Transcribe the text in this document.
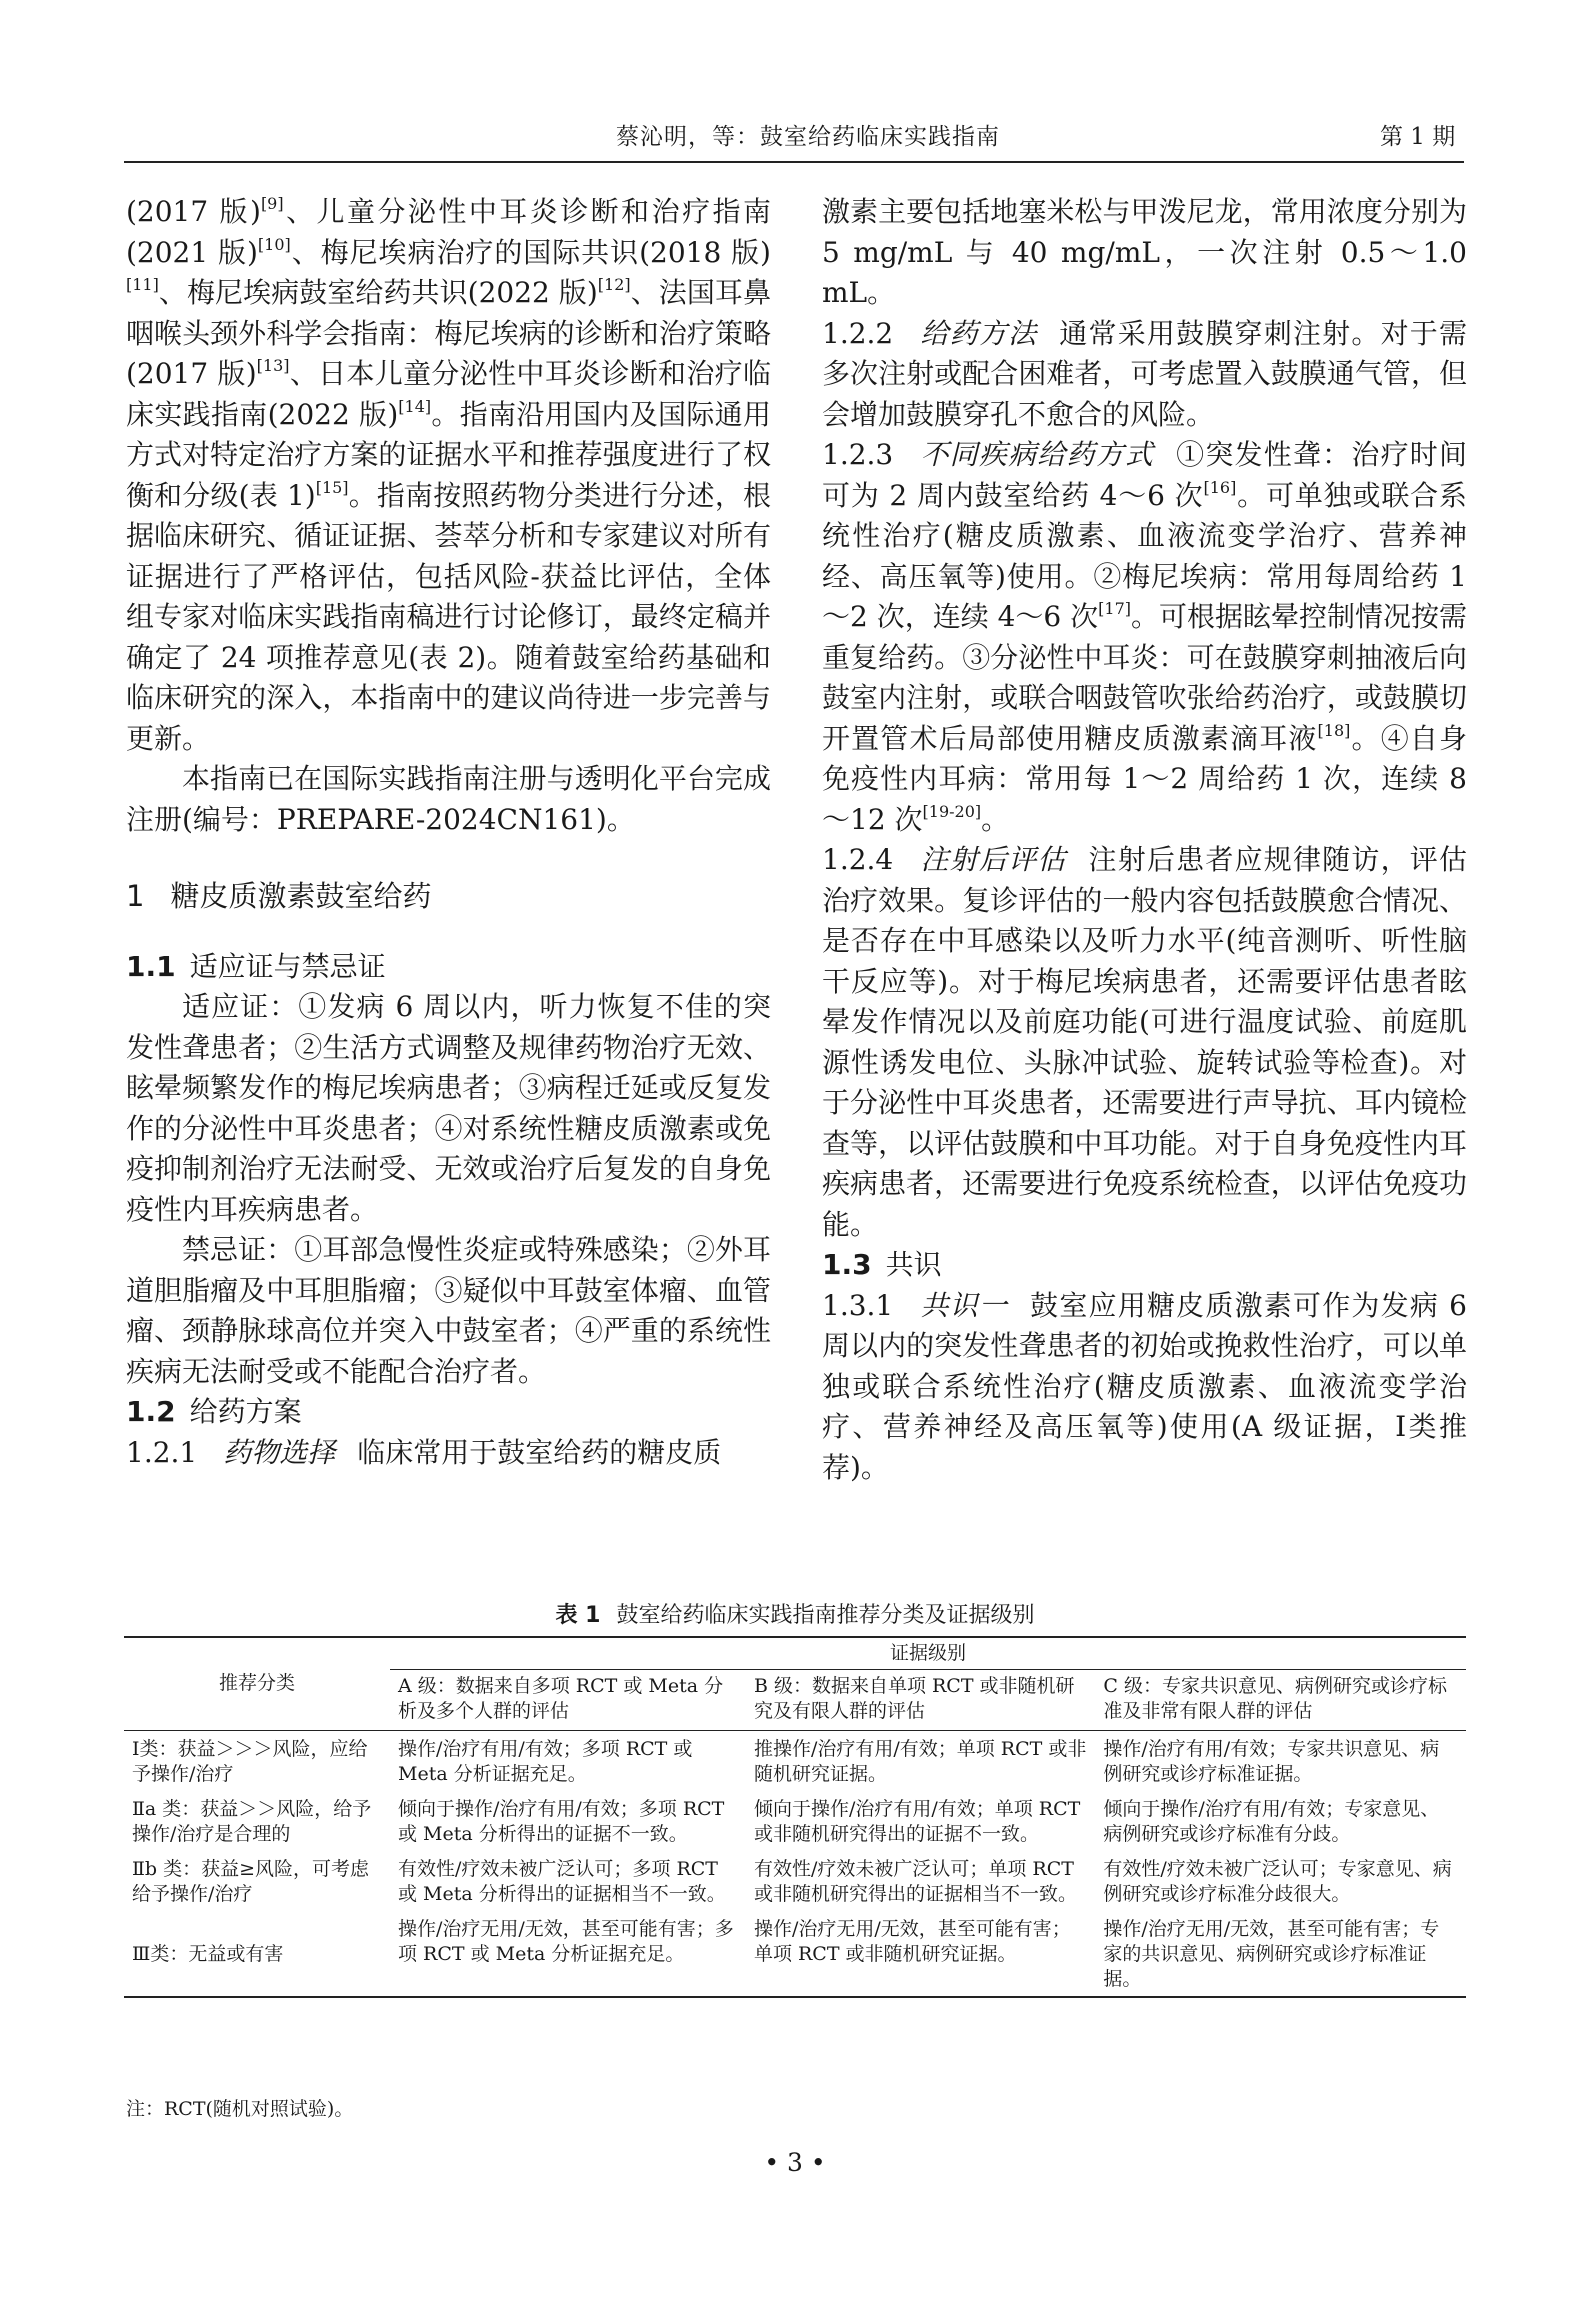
蔡沁明，等：鼓室给药临床实践指南	第 1 期

(2017 版)[9]、儿童分泌性中耳炎诊断和治疗指南(2021 版)[10]、梅尼埃病治疗的国际共识(2018 版)[11]、梅尼埃病鼓室给药共识(2022 版)[12]、法国耳鼻咽喉头颈外科学会指南：梅尼埃病的诊断和治疗策略(2017 版)[13]、日本儿童分泌性中耳炎诊断和治疗临床实践指南(2022 版)[14]。指南沿用国内及国际通用方式对特定治疗方案的证据水平和推荐强度进行了权衡和分级(表 1)[15]。指南按照药物分类进行分述，根据临床研究、循证证据、荟萃分析和专家建议对所有证据进行了严格评估，包括风险-获益比评估，全体组专家对临床实践指南稿进行讨论修订，最终定稿并确定了 24 项推荐意见(表 2)。随着鼓室给药基础和临床研究的深入，本指南中的建议尚待进一步完善与更新。

本指南已在国际实践指南注册与透明化平台完成注册(编号：PREPARE-2024CN161)。

1 糖皮质激素鼓室给药

1.1 适应证与禁忌证

适应证：①发病 6 周以内，听力恢复不佳的突发性聋患者；②生活方式调整及规律药物治疗无效、眩晕频繁发作的梅尼埃病患者；③病程迁延或反复发作的分泌性中耳炎患者；④对系统性糖皮质激素或免疫抑制剂治疗无法耐受、无效或治疗后复发的自身免疫性内耳疾病患者。

禁忌证：①耳部急慢性炎症或特殊感染；②外耳道胆脂瘤及中耳胆脂瘤；③疑似中耳鼓室体瘤、血管瘤、颈静脉球高位并突入中鼓室者；④严重的系统性疾病无法耐受或不能配合治疗者。

1.2 给药方案

1.2.1 药物选择 临床常用于鼓室给药的糖皮质

激素主要包括地塞米松与甲泼尼龙，常用浓度分别为 5 mg/mL 与 40 mg/mL，一次注射 0.5～1.0 mL。

1.2.2 给药方法 通常采用鼓膜穿刺注射。对于需多次注射或配合困难者，可考虑置入鼓膜通气管，但会增加鼓膜穿孔不愈合的风险。

1.2.3 不同疾病给药方式 ①突发性聋：治疗时间可为 2 周内鼓室给药 4～6 次[16]。可单独或联合系统性治疗(糖皮质激素、血液流变学治疗、营养神经、高压氧等)使用。②梅尼埃病：常用每周给药 1～2 次，连续 4～6 次[17]。可根据眩晕控制情况按需重复给药。③分泌性中耳炎：可在鼓膜穿刺抽液后向鼓室内注射，或联合咽鼓管吹张给药治疗，或鼓膜切开置管术后局部使用糖皮质激素滴耳液[18]。④自身免疫性内耳病：常用每 1～2 周给药 1 次，连续 8～12 次[19-20]。

1.2.4 注射后评估 注射后患者应规律随访，评估治疗效果。复诊评估的一般内容包括鼓膜愈合情况、是否存在中耳感染以及听力水平(纯音测听、听性脑干反应等)。对于梅尼埃病患者，还需要评估患者眩晕发作情况以及前庭功能(可进行温度试验、前庭肌源性诱发电位、头脉冲试验、旋转试验等检查)。对于分泌性中耳炎患者，还需要进行声导抗、耳内镜检查等，以评估鼓膜和中耳功能。对于自身免疫性内耳疾病患者，还需要进行免疫系统检查，以评估免疫功能。

1.3 共识

1.3.1 共识一 鼓室应用糖皮质激素可作为发病 6 周以内的突发性聋患者的初始或挽救性治疗，可以单独或联合系统性治疗(糖皮质激素、血液流变学治疗、营养神经及高压氧等)使用(A 级证据，Ⅰ类推荐)。

表 1 鼓室给药临床实践指南推荐分类及证据级别
推荐分类	证据级别		
	A 级：数据来自多项 RCT 或 Meta 分析及多个人群的评估	B 级：数据来自单项 RCT 或非随机研究及有限人群的评估	C 级：专家共识意见、病例研究或诊疗标准及非常有限人群的评估
Ⅰ类：获益＞＞＞风险，应给予操作/治疗	操作/治疗有用/有效；多项 RCT 或 Meta 分析证据充足。	推操作/治疗有用/有效；单项 RCT 或非随机研究证据。	操作/治疗有用/有效；专家共识意见、病例研究或诊疗标准证据。
Ⅱa 类：获益＞＞风险，给予操作/治疗是合理的	倾向于操作/治疗有用/有效；多项 RCT 或 Meta 分析得出的证据不一致。	倾向于操作/治疗有用/有效；单项 RCT 或非随机研究得出的证据不一致。	倾向于操作/治疗有用/有效；专家意见、病例研究或诊疗标准有分歧。
Ⅱb 类：获益≥风险，可考虑给予操作/治疗	有效性/疗效未被广泛认可；多项 RCT 或 Meta 分析得出的证据相当不一致。	有效性/疗效未被广泛认可；单项 RCT 或非随机研究得出的证据相当不一致。	有效性/疗效未被广泛认可；专家意见、病例研究或诊疗标准分歧很大。
Ⅲ类：无益或有害	操作/治疗无用/无效，甚至可能有害；多项 RCT 或 Meta 分析证据充足。	操作/治疗无用/无效，甚至可能有害；单项 RCT 或非随机研究证据。	操作/治疗无用/无效，甚至可能有害；专家的共识意见、病例研究或诊疗标准证据。
注：RCT(随机对照试验)。
• 3 •
